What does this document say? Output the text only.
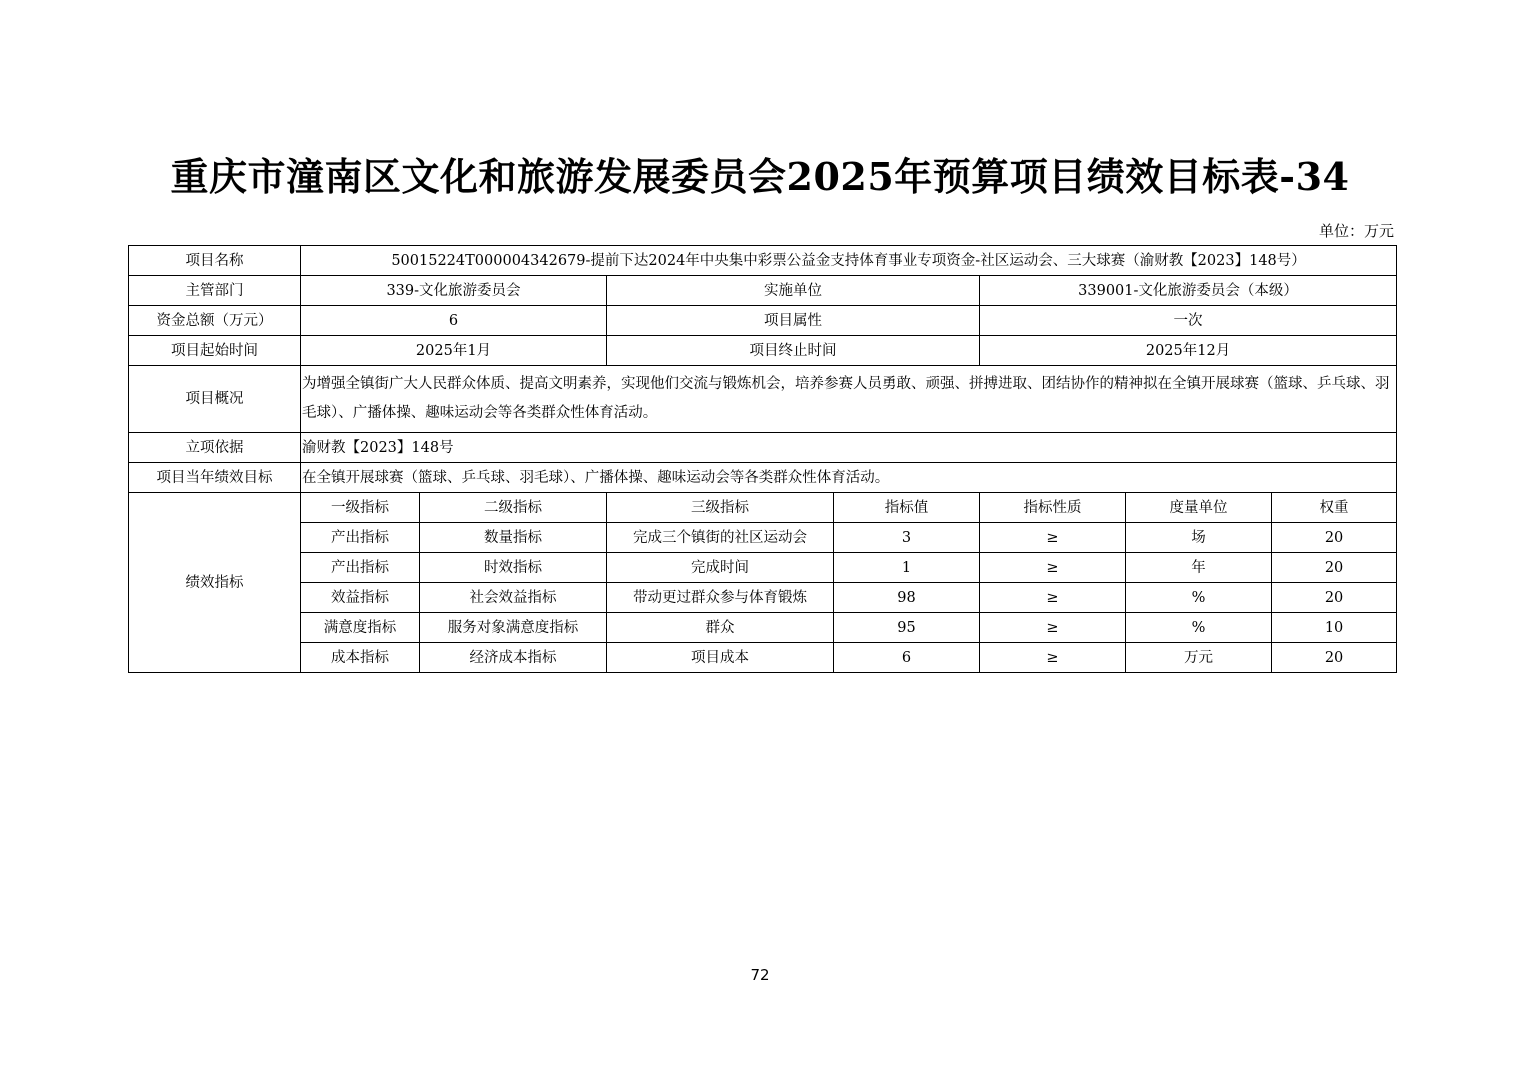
重庆市潼南区文化和旅游发展委员会2025年预算项目绩效目标表-34
单位：万元
项目名称	50015224T000004342679-提前下达2024年中央集中彩票公益金支持体育事业专项资金-社区运动会、三大球赛（渝财教【2023】148号）						
主管部门	339-文化旅游委员会		实施单位		339001-文化旅游委员会（本级）		
资金总额（万元）	6		项目属性		一次		
项目起始时间	2025年1月		项目终止时间		2025年12月		
项目概况	为增强全镇街广大人民群众体质、提高文明素养，实现他们交流与锻炼机会，培养参赛人员勇敢、顽强、拼搏进取、团结协作的精神拟在全镇开展球赛（篮球、乒乓球、羽毛球）、广播体操、趣味运动会等各类群众性体育活动。						
立项依据	渝财教【2023】148号						
项目当年绩效目标	在全镇开展球赛（篮球、乒乓球、羽毛球）、广播体操、趣味运动会等各类群众性体育活动。						
绩效指标	一级指标	二级指标	三级指标	指标值	指标性质	度量单位	权重
	产出指标	数量指标	完成三个镇街的社区运动会	3	≥	场	20
	产出指标	时效指标	完成时间	1	≥	年	20
	效益指标	社会效益指标	带动更过群众参与体育锻炼	98	≥	%	20
	满意度指标	服务对象满意度指标	群众	95	≥	%	10
	成本指标	经济成本指标	项目成本	6	≥	万元	20
72
